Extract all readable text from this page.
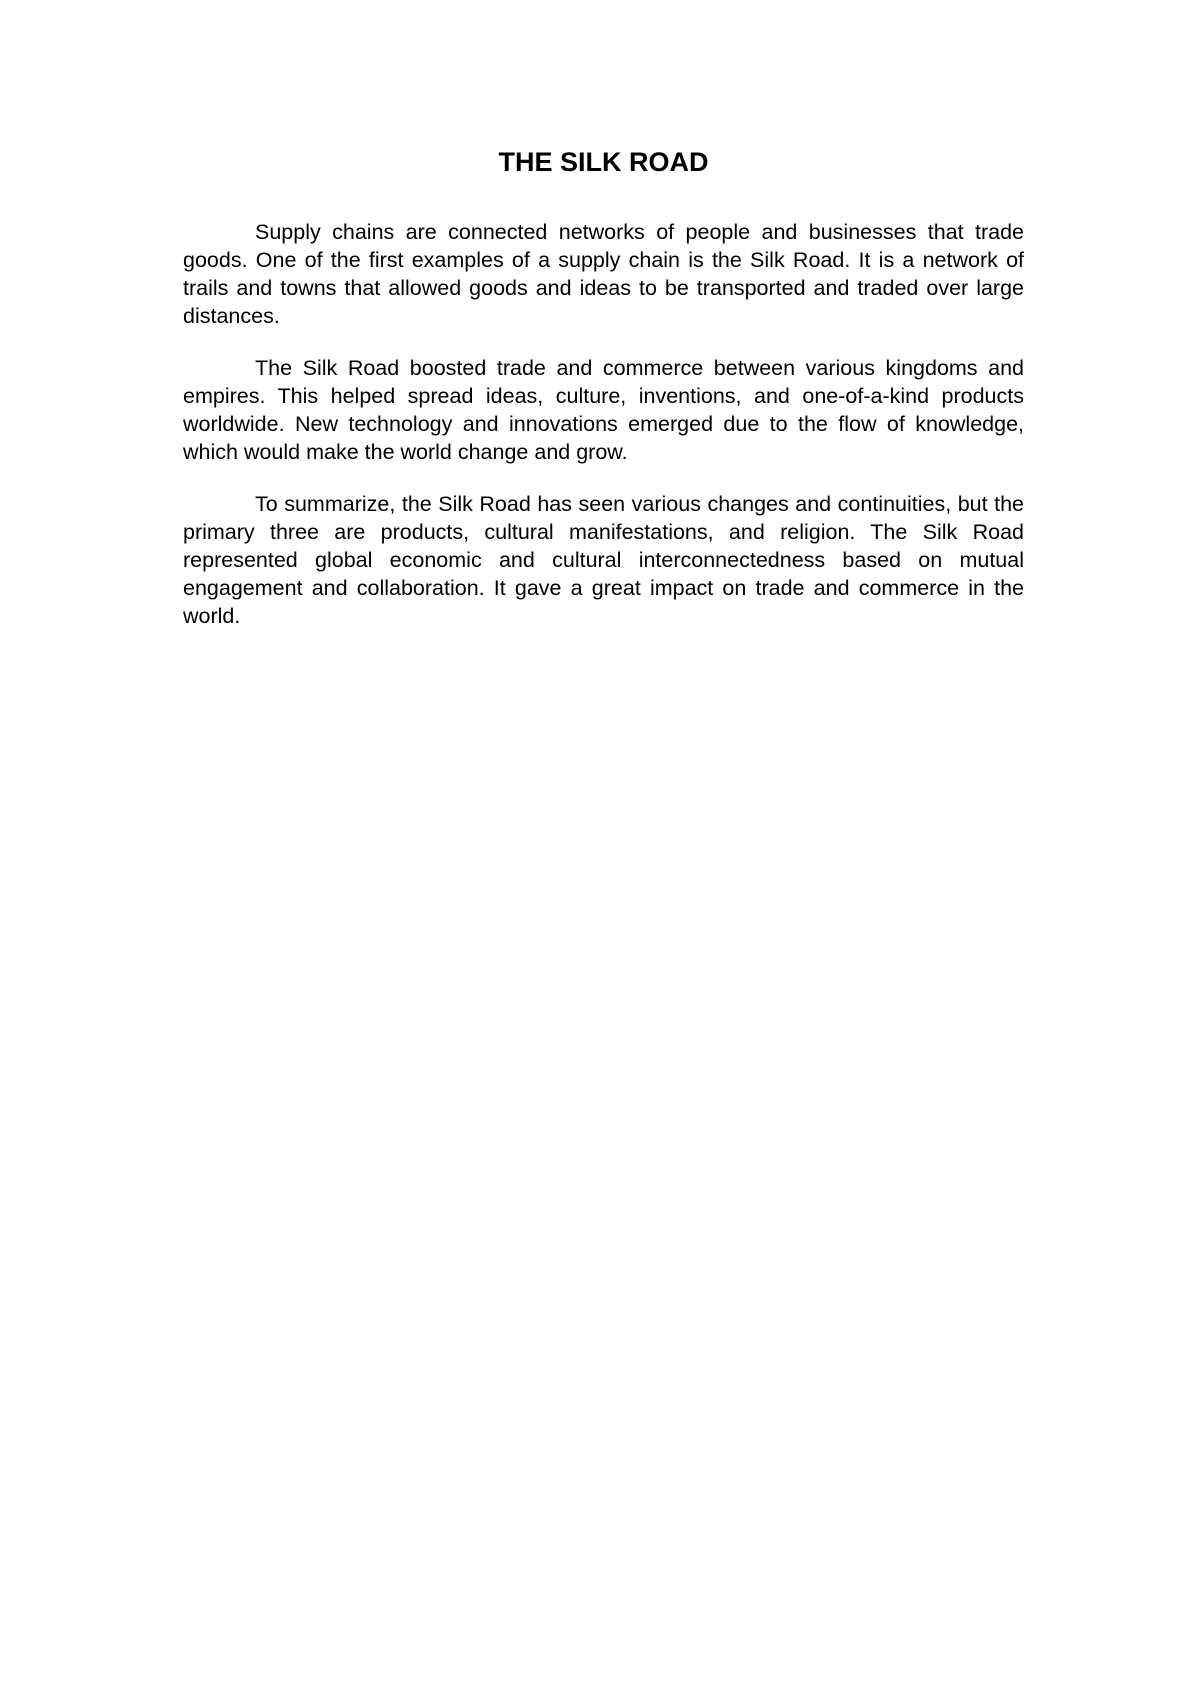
THE SILK ROAD

Supply chains are connected networks of people and businesses that trade goods. One of the first examples of a supply chain is the Silk Road. It is a network of trails and towns that allowed goods and ideas to be transported and traded over large distances.

The Silk Road boosted trade and commerce between various kingdoms and empires. This helped spread ideas, culture, inventions, and one-of-a-kind products worldwide. New technology and innovations emerged due to the flow of knowledge, which would make the world change and grow.

To summarize, the Silk Road has seen various changes and continuities, but the primary three are products, cultural manifestations, and religion. The Silk Road represented global economic and cultural interconnectedness based on mutual engagement and collaboration. It gave a great impact on trade and commerce in the world.
